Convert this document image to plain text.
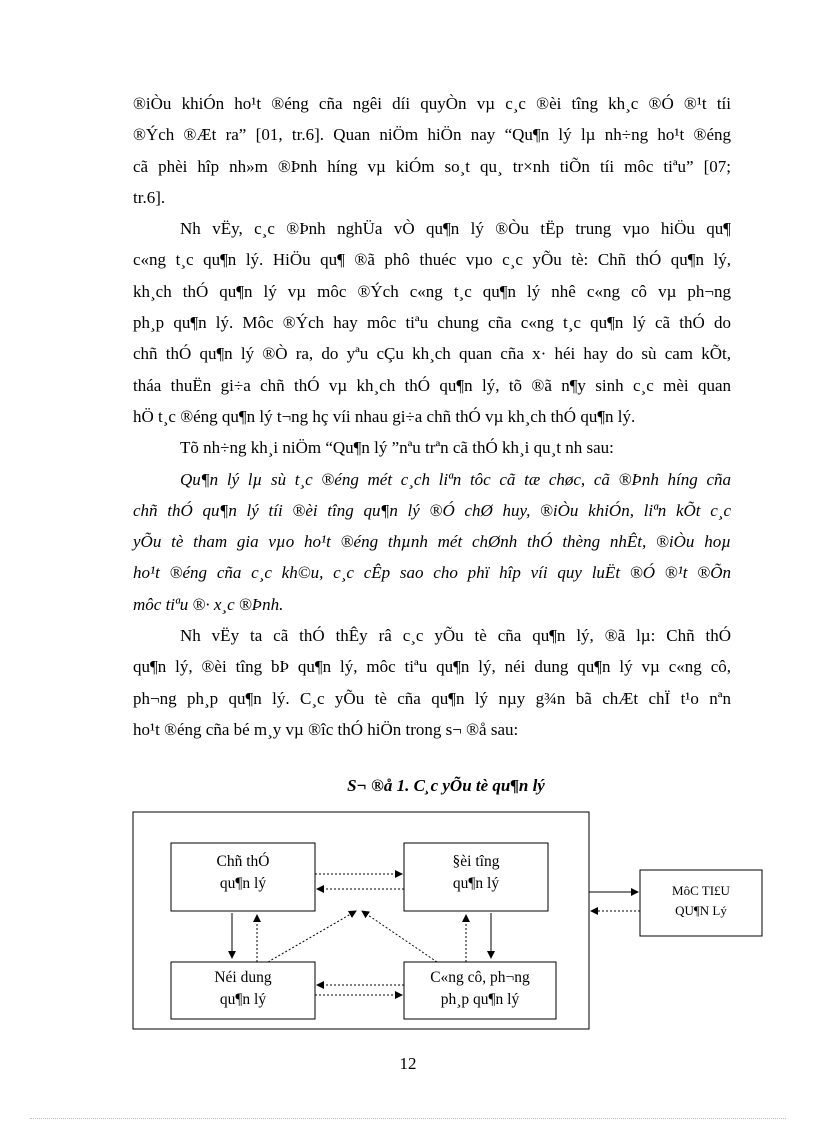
®iÒu khiÓn ho¹t ®éng cña ngêi díi quyÒn vµ c¸c ®èi tîng kh¸c ®Ó ®¹t tíi
®Ých ®Æt ra” [01, tr.6]. Quan niÖm hiÖn nay “Qu¶n lý lµ nh÷ng ho¹t ®éng
cã phèi hîp nh»m ®Þnh híng vµ kiÓm so¸t qu¸ tr×nh tiÕn tíi môc tiªu” [07;

tr.6].

Nh vËy, c¸c ®Þnh nghÜa vÒ qu¶n lý ®Òu tËp trung vµo hiÖu qu¶
c«ng t¸c qu¶n lý. HiÖu qu¶ ®ã phô thuéc vµo c¸c yÕu tè: Chñ thÓ qu¶n lý,
kh¸ch thÓ qu¶n lý vµ môc ®Ých c«ng t¸c qu¶n lý nhê c«ng cô vµ ph¬ng
ph¸p qu¶n lý. Môc ®Ých hay môc tiªu chung cña c«ng t¸c qu¶n lý cã thÓ do
chñ thÓ qu¶n lý ®Ò ra, do yªu cÇu kh¸ch quan cña x· héi hay do sù cam kÕt,
tháa thuËn gi÷a chñ thÓ vµ kh¸ch thÓ qu¶n lý, tõ ®ã n¶y sinh c¸c mèi quan

hÖ t¸c ®éng qu¶n lý t¬ng hç víi nhau gi÷a chñ thÓ vµ kh¸ch thÓ qu¶n lý.

Tõ nh÷ng kh¸i niÖm “Qu¶n lý ”nªu trªn cã thÓ kh¸i qu¸t nh sau:

Qu¶n lý lµ sù t¸c ®éng mét c¸ch liªn tôc cã tæ chøc, cã ®Þnh híng cña
chñ thÓ qu¶n lý tíi ®èi tîng qu¶n lý ®Ó chØ huy, ®iÒu khiÓn, liªn kÕt c¸c
yÕu tè tham gia vµo ho¹t ®éng thµnh mét chØnh thÓ thèng nhÊt, ®iÒu hoµ
ho¹t ®éng cña c¸c kh©u, c¸c cÊp sao cho phï hîp víi quy luËt ®Ó ®¹t ®Õn

môc tiªu ®· x¸c ®Þnh.

Nh vËy ta cã thÓ thÊy râ c¸c yÕu tè cña qu¶n lý, ®ã lµ: Chñ thÓ
qu¶n lý, ®èi tîng bÞ qu¶n lý, môc tiªu qu¶n lý, néi dung qu¶n lý vµ c«ng cô,
ph¬ng ph¸p qu¶n lý. C¸c yÕu tè cña qu¶n lý nµy g¾n bã chÆt chÏ t¹o nªn

ho¹t ®éng cña bé m¸y vµ ®îc thÓ hiÖn trong s¬ ®å sau:

S¬ ®å 1. C¸c yÕu tè qu¶n lý
Chñ thÓ
qu¶n lý
§èi tîng
qu¶n lý
Néi dung
qu¶n lý
C«ng cô, ph¬ng
ph¸p qu¶n lý
MôC TI£U
QU¶N Lý
12
